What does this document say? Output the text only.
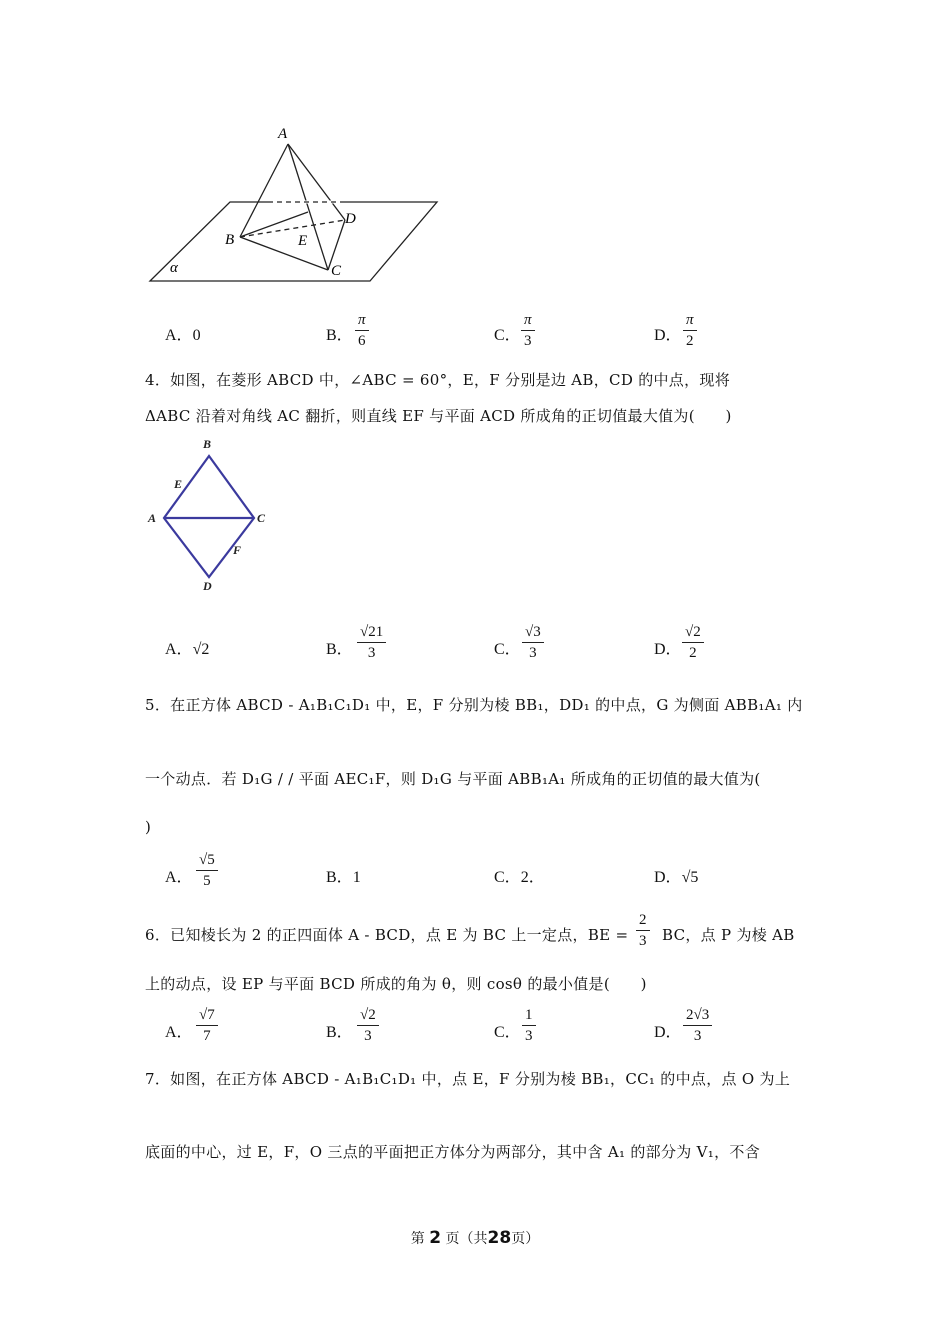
A
B
C
D
E
α
A．0	B． $\frac{\pi}{6}$	C． $\frac{\pi}{3}$	D． $\frac{\pi}{2}$
4．如图，在菱形 ABCD 中，∠ABC = 60°，E，F 分别是边 AB，CD 的中点，现将
ΔABC 沿着对角线 AC 翻折，则直线 EF 与平面 ACD 所成角的正切值最大值为(　　)
B
E
A	C
F
D
A．√2	B． $\frac{√21}{3}$	C． $\frac{√3}{3}$	D． $\frac{√2}{2}$
5．在正方体 ABCD - A₁B₁C₁D₁ 中，E，F 分别为棱 BB₁，DD₁ 的中点，G 为侧面 ABB₁A₁ 内
一个动点．若 D₁G / / 平面 AEC₁F，则 D₁G 与平面 ABB₁A₁ 所成角的正切值的最大值为(
)
A． $\frac{√5}{5}$	B．1	C．2．	D．√5
6．已知棱长为 2 的正四面体 A - BCD，点 E 为 BC 上一定点，BE = $\frac{2}{3}$ BC，点 P 为棱 AB
上的动点，设 EP 与平面 BCD 所成的角为 θ，则 cosθ 的最小值是(　　)
A． $\frac{√7}{7}$	B． $\frac{√2}{3}$	C． $\frac{1}{3}$	D． $\frac{2√3}{3}$
7．如图，在正方体 ABCD - A₁B₁C₁D₁ 中，点 E，F 分别为棱 BB₁，CC₁ 的中点，点 O 为上
底面的中心，过 E，F，O 三点的平面把正方体分为两部分，其中含 A₁ 的部分为 V₁，不含
第 2 页（共28页）
